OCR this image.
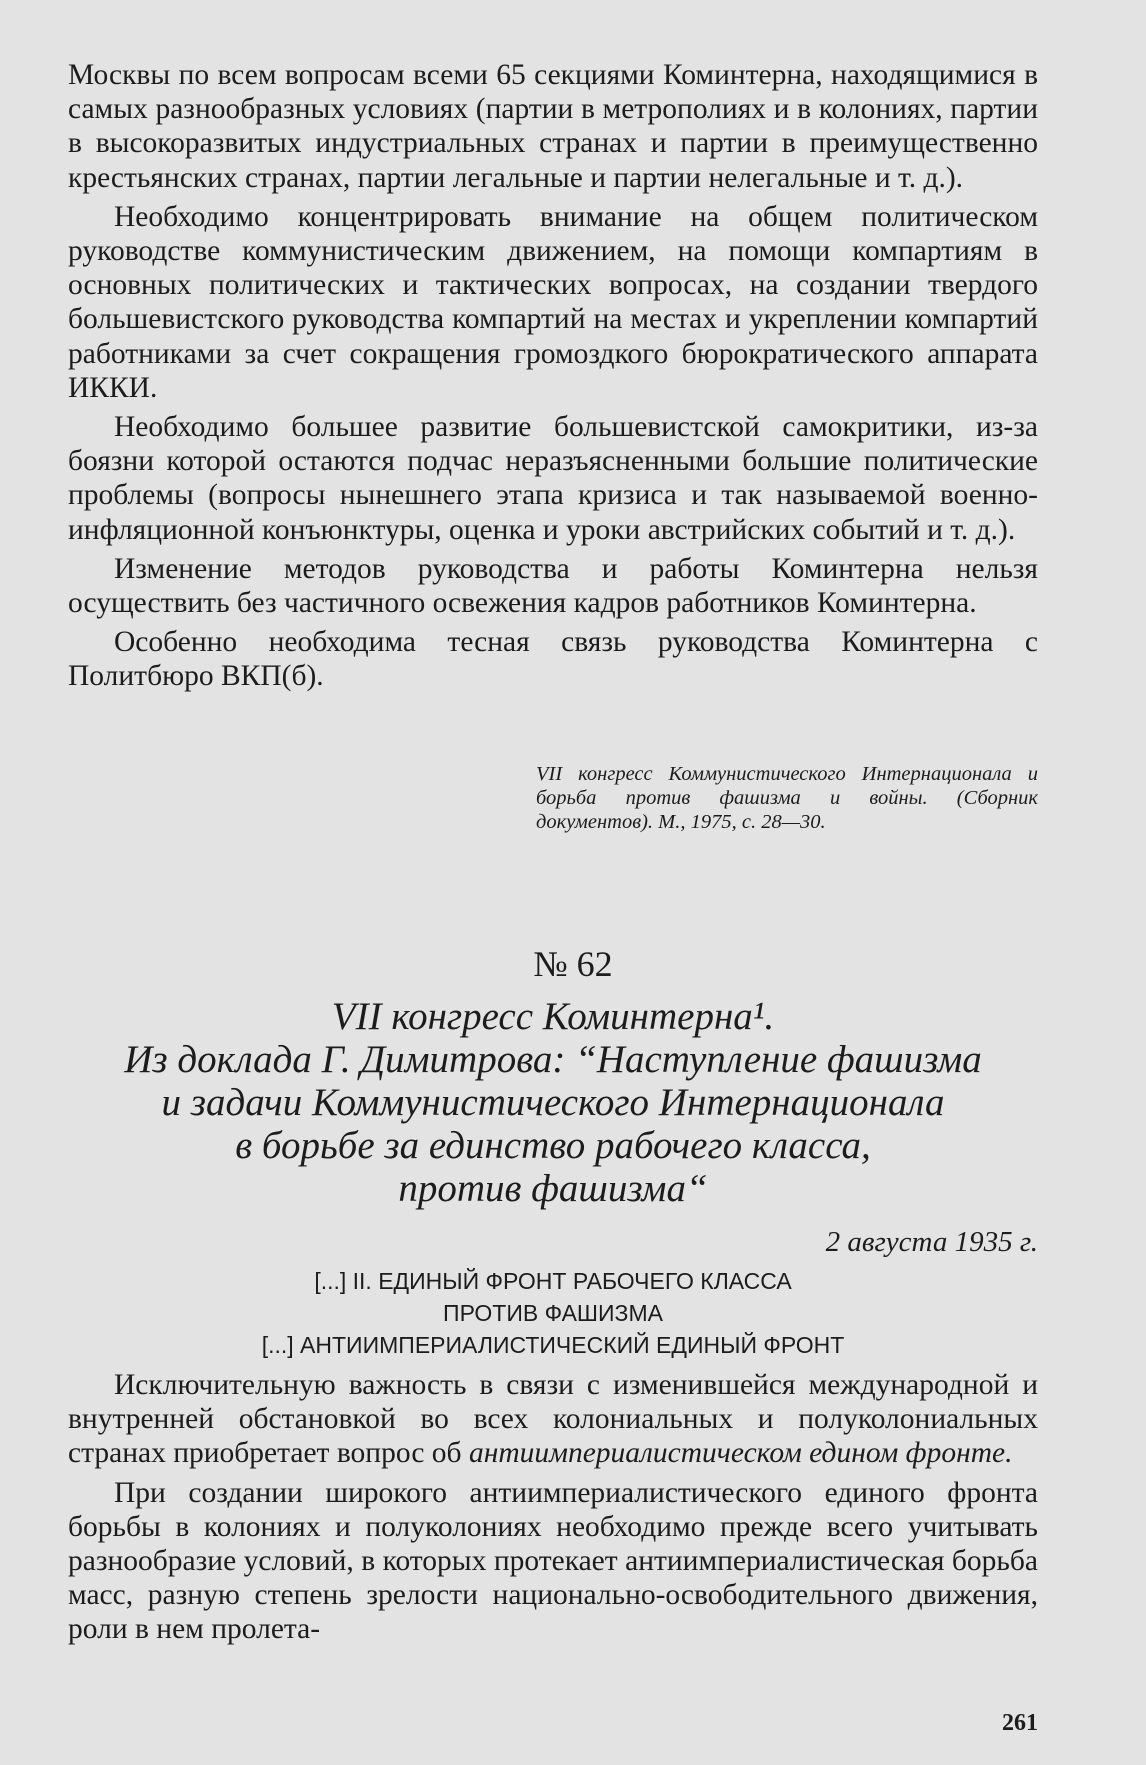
Москвы по всем вопросам всеми 65 секциями Коминтерна, находящимися в самых разнообразных условиях (партии в метрополиях и в колониях, партии в высокоразвитых индустриальных странах и партии в преимущественно крестьянских странах, партии легальные и партии нелегальные и т. д.).

Необходимо концентрировать внимание на общем политическом руководстве коммунистическим движением, на помощи компартиям в основных политических и тактических вопросах, на создании твердого большевистского руководства компартий на местах и укреплении компартий работниками за счет сокращения громоздкого бюрократического аппарата ИККИ.

Необходимо большее развитие большевистской самокритики, из-за боязни которой остаются подчас неразъясненными большие политические проблемы (вопросы нынешнего этапа кризиса и так называемой военно-инфляционной конъюнктуры, оценка и уроки австрийских событий и т. д.).

Изменение методов руководства и работы Коминтерна нельзя осуществить без частичного освежения кадров работников Коминтерна.

Особенно необходима тесная связь руководства Коминтерна с Политбюро ВКП(б).

VII конгресс Коммунистического Интернационала и борьба против фашизма и войны. (Сборник документов). М., 1975, с. 28—30.

№ 62
VII конгресс Коминтерна¹.
Из доклада Г. Димитрова: “Наступление фашизма
и задачи Коммунистического Интернационала
в борьбе за единство рабочего класса,
против фашизма“
2 августа 1935 г.
[...] II. ЕДИНЫЙ ФРОНТ РАБОЧЕГО КЛАССА
ПРОТИВ ФАШИЗМА
[...] АНТИИМПЕРИАЛИСТИЧЕСКИЙ ЕДИНЫЙ ФРОНТ

Исключительную важность в связи с изменившейся международной и внутренней обстановкой во всех колониальных и полуколониальных странах приобретает вопрос об антиимпериалистическом едином фронте.

При создании широкого антиимпериалистического единого фронта борьбы в колониях и полуколониях необходимо прежде всего учитывать разнообразие условий, в которых протекает антиимпериалистическая борьба масс, разную степень зрелости национально-освободительного движения, роли в нем пролета-

261
